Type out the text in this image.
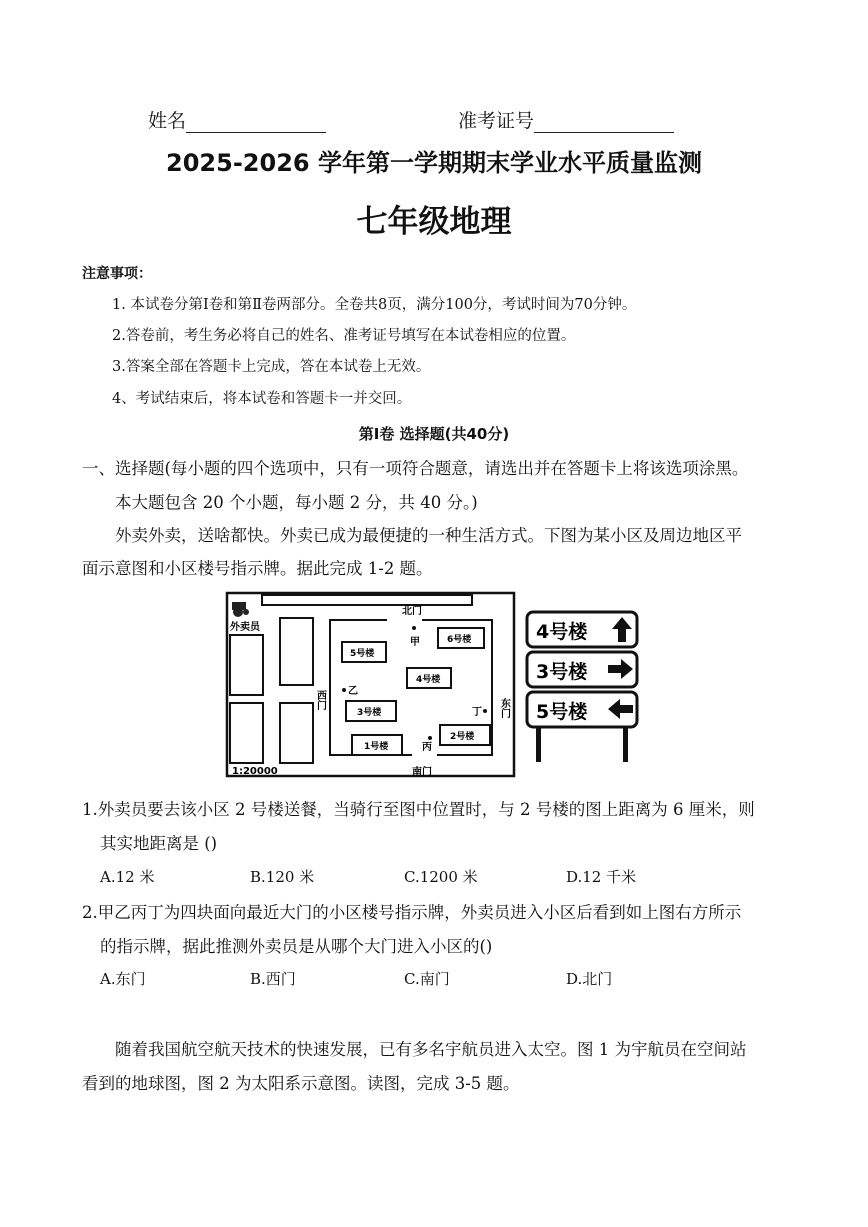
姓名	准考证号
2025-2026 学年第一学期期末学业水平质量监测
七年级地理
注意事项：
1. 本试卷分第Ⅰ卷和第Ⅱ卷两部分。全卷共8页，满分100分，考试时间为70分钟。
2.答卷前，考生务必将自己的姓名、准考证号填写在本试卷相应的位置。
3.答案全部在答题卡上完成，答在本试卷上无效。
4、考试结束后，将本试卷和答题卡一并交回。
第Ⅰ卷 选择题(共40分)
一、选择题(每小题的四个选项中，只有一项符合题意，请选出并在答题卡上将该选项涂黑。
本大题包含 20 个小题，每小题 2 分，共 40 分。)
外卖外卖，送啥都快。外卖已成为最便捷的一种生活方式。下图为某小区及周边地区平
面示意图和小区楼号指示牌。据此完成 1-2 题。
外卖员
北门
5号楼
6号楼
4号楼
3号楼
1号楼
2号楼
甲
乙
丙
丁
西门	东门
南门
1:20000
4号楼
3号楼
5号楼
1.外卖员要去该小区 2 号楼送餐，当骑行至图中位置时，与 2 号楼的图上距离为 6 厘米，则
其实地距离是 ()
A.12 米	B.120 米	C.1200 米	D.12 千米
2.甲乙丙丁为四块面向最近大门的小区楼号指示牌，外卖员进入小区后看到如上图右方所示
的指示牌，据此推测外卖员是从哪个大门进入小区的()
A.东门	B.西门	C.南门	D.北门
随着我国航空航天技术的快速发展，已有多名宇航员进入太空。图 1 为宇航员在空间站
看到的地球图，图 2 为太阳系示意图。读图，完成 3-5 题。
